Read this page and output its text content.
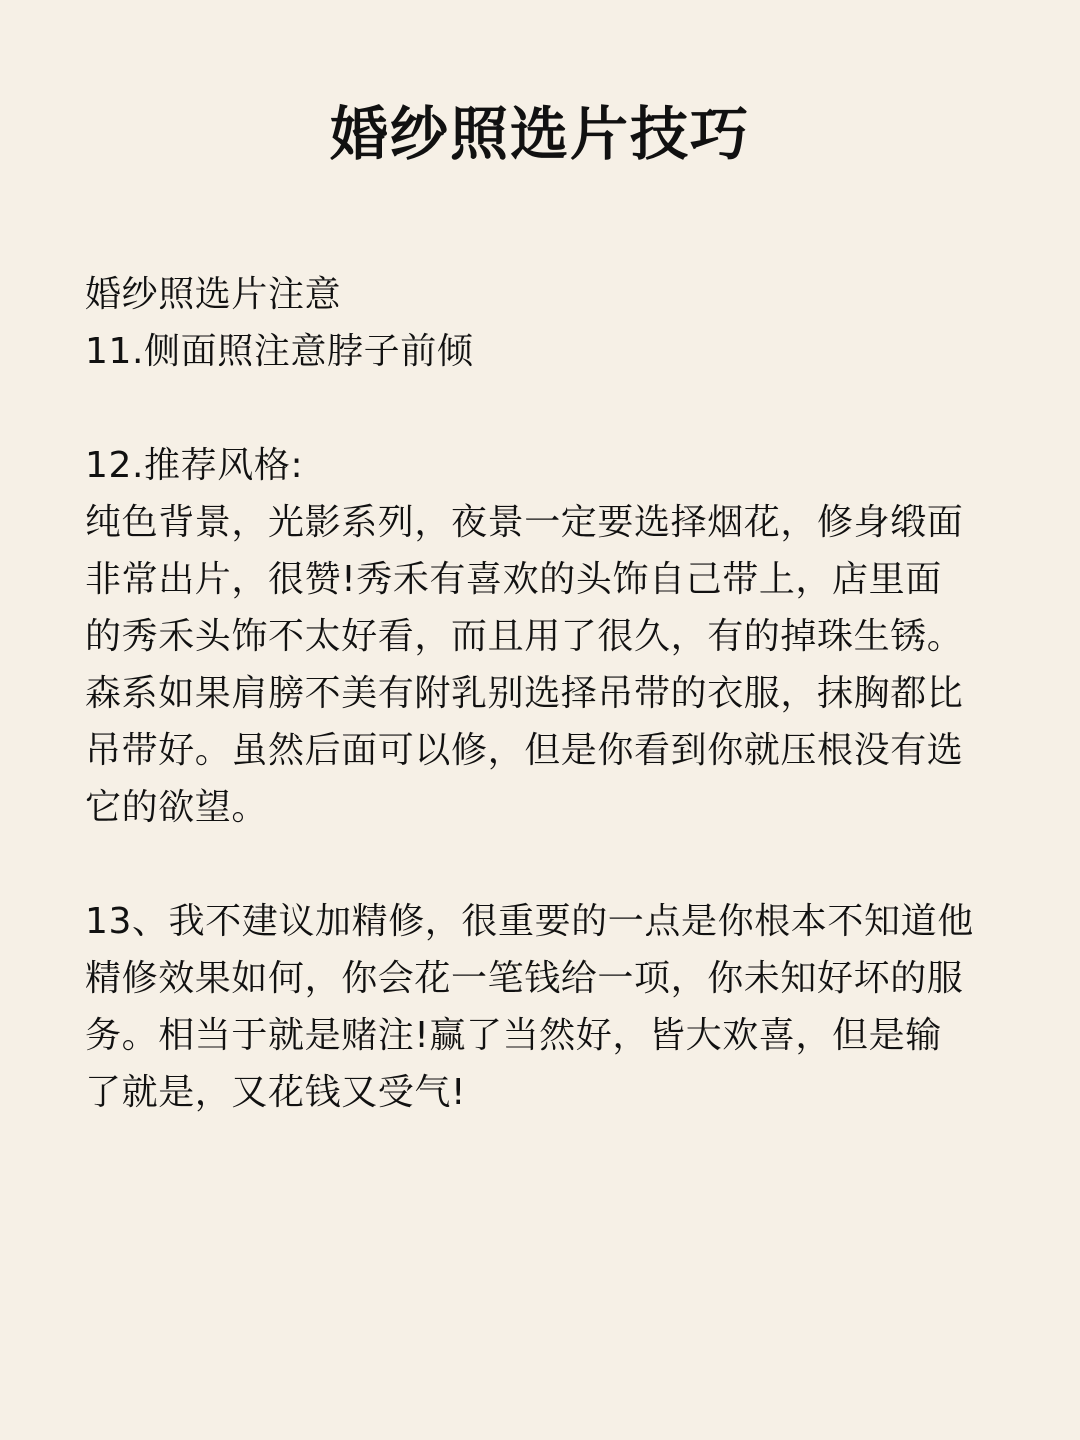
婚纱照选片技巧

婚纱照选片注意

11.侧面照注意脖子前倾

12.推荐风格:

纯色背景，光影系列，夜景一定要选择烟花，修身缎面

非常出片，很赞!秀禾有喜欢的头饰自己带上，店里面

的秀禾头饰不太好看，而且用了很久，有的掉珠生锈。

森系如果肩膀不美有附乳别选择吊带的衣服，抹胸都比

吊带好。虽然后面可以修，但是你看到你就压根没有选

它的欲望。

13、我不建议加精修，很重要的一点是你根本不知道他

精修效果如何，你会花一笔钱给一项，你未知好坏的服

务。相当于就是赌注!赢了当然好，皆大欢喜，但是输

了就是，又花钱又受气!
